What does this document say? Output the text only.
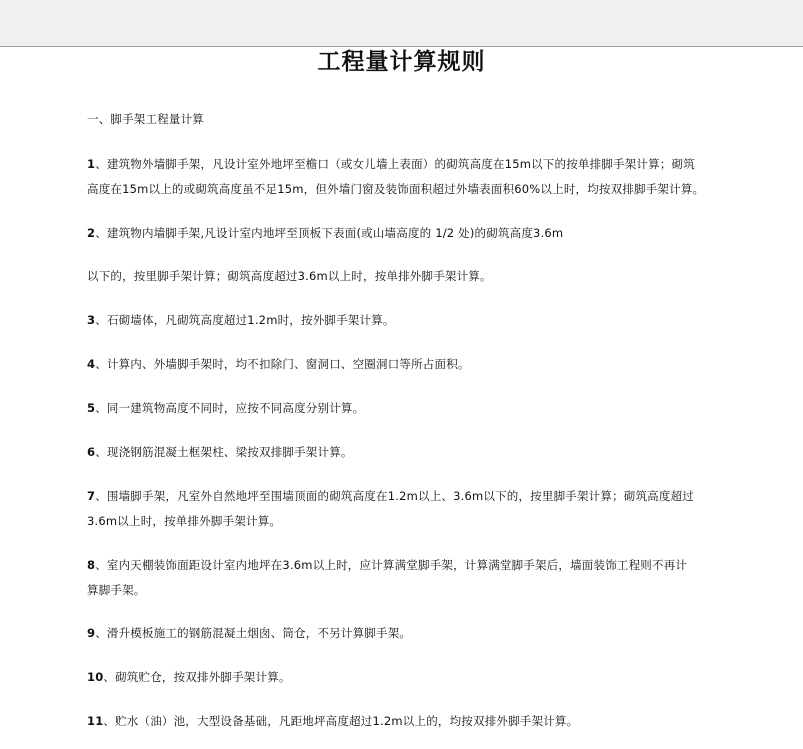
工程量计算规则
一、脚手架工程量计算
1、建筑物外墙脚手架，凡设计室外地坪至檐口（或女儿墙上表面）的砌筑高度在15m以下的按单排脚手架计算；砌筑
高度在15m以上的或砌筑高度虽不足15m，但外墙门窗及装饰面积超过外墙表面积60%以上时，均按双排脚手架计算。
2、建筑物内墙脚手架,凡设计室内地坪至顶板下表面(或山墙高度的 1/2 处)的砌筑高度3.6m
以下的，按里脚手架计算；砌筑高度超过3.6m以上时，按单排外脚手架计算。
3、石砌墙体，凡砌筑高度超过1.2m时，按外脚手架计算。
4、计算内、外墙脚手架时，均不扣除门、窗洞口、空圈洞口等所占面积。
5、同一建筑物高度不同时，应按不同高度分别计算。
6、现浇钢筋混凝土框架柱、梁按双排脚手架计算。
7、围墙脚手架，凡室外自然地坪至围墙顶面的砌筑高度在1.2m以上、3.6m以下的，按里脚手架计算；砌筑高度超过
3.6m以上时，按单排外脚手架计算。
8、室内天棚装饰面距设计室内地坪在3.6m以上时，应计算满堂脚手架，计算满堂脚手架后，墙面装饰工程则不再计
算脚手架。
9、滑升模板施工的钢筋混凝土烟囱、筒仓，不另计算脚手架。
10、砌筑贮仓，按双排外脚手架计算。
11、贮水（油）池，大型设备基础，凡距地坪高度超过1.2m以上的，均按双排外脚手架计算。
